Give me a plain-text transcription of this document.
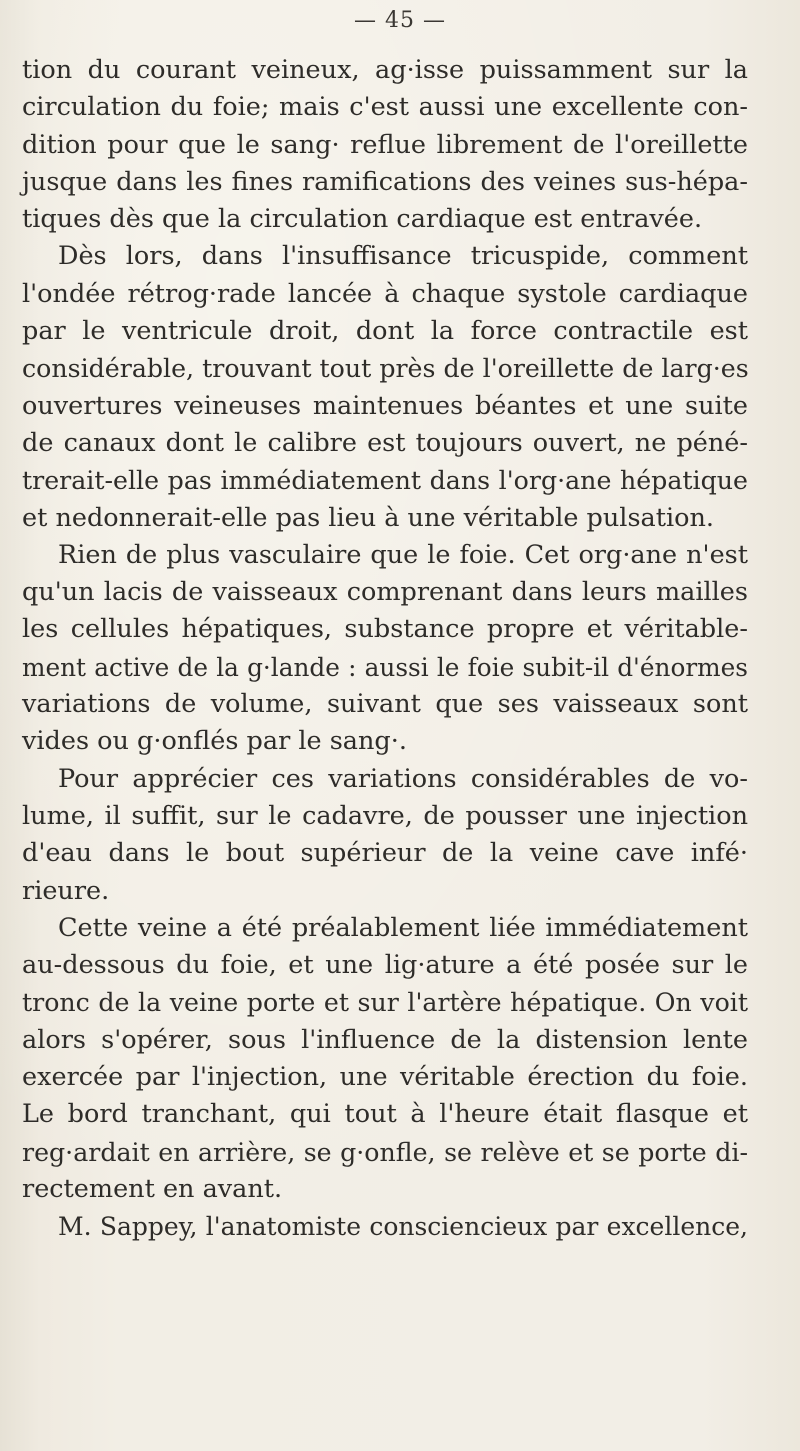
— 45 —
tion du courant veineux, ag·isse puissamment sur la
circulation du foie; mais c'est aussi une excellente con-
dition pour que le sang· reflue librement de l'oreillette
jusque dans les fines ramifications des veines sus-hépa-
tiques dès que la circulation cardiaque est entravée.
Dès lors, dans l'insuffisance tricuspide, comment
l'ondée rétrog·rade lancée à chaque systole cardiaque
par le ventricule droit, dont la force contractile est
considérable, trouvant tout près de l'oreillette de larg·es
ouvertures veineuses maintenues béantes et une suite
de canaux dont le calibre est toujours ouvert, ne péné-
trerait-elle pas immédiatement dans l'org·ane hépatique
et nedonnerait-elle pas lieu à une véritable pulsation.
Rien de plus vasculaire que le foie. Cet org·ane n'est
qu'un lacis de vaisseaux comprenant dans leurs mailles
les cellules hépatiques, substance propre et véritable-
ment active de la g·lande : aussi le foie subit-il d'énormes
variations de volume, suivant que ses vaisseaux sont
vides ou g·onflés par le sang·.
Pour apprécier ces variations considérables de vo-
lume, il suffit, sur le cadavre, de pousser une injection
d'eau dans le bout supérieur de la veine cave infé·
rieure.
Cette veine a été préalablement liée immédiatement
au-dessous du foie, et une lig·ature a été posée sur le
tronc de la veine porte et sur l'artère hépatique. On voit
alors s'opérer, sous l'influence de la distension lente
exercée par l'injection, une véritable érection du foie.
Le bord tranchant, qui tout à l'heure était flasque et
reg·ardait en arrière, se g·onfle, se relève et se porte di-
rectement en avant.
M. Sappey, l'anatomiste consciencieux par excellence,
